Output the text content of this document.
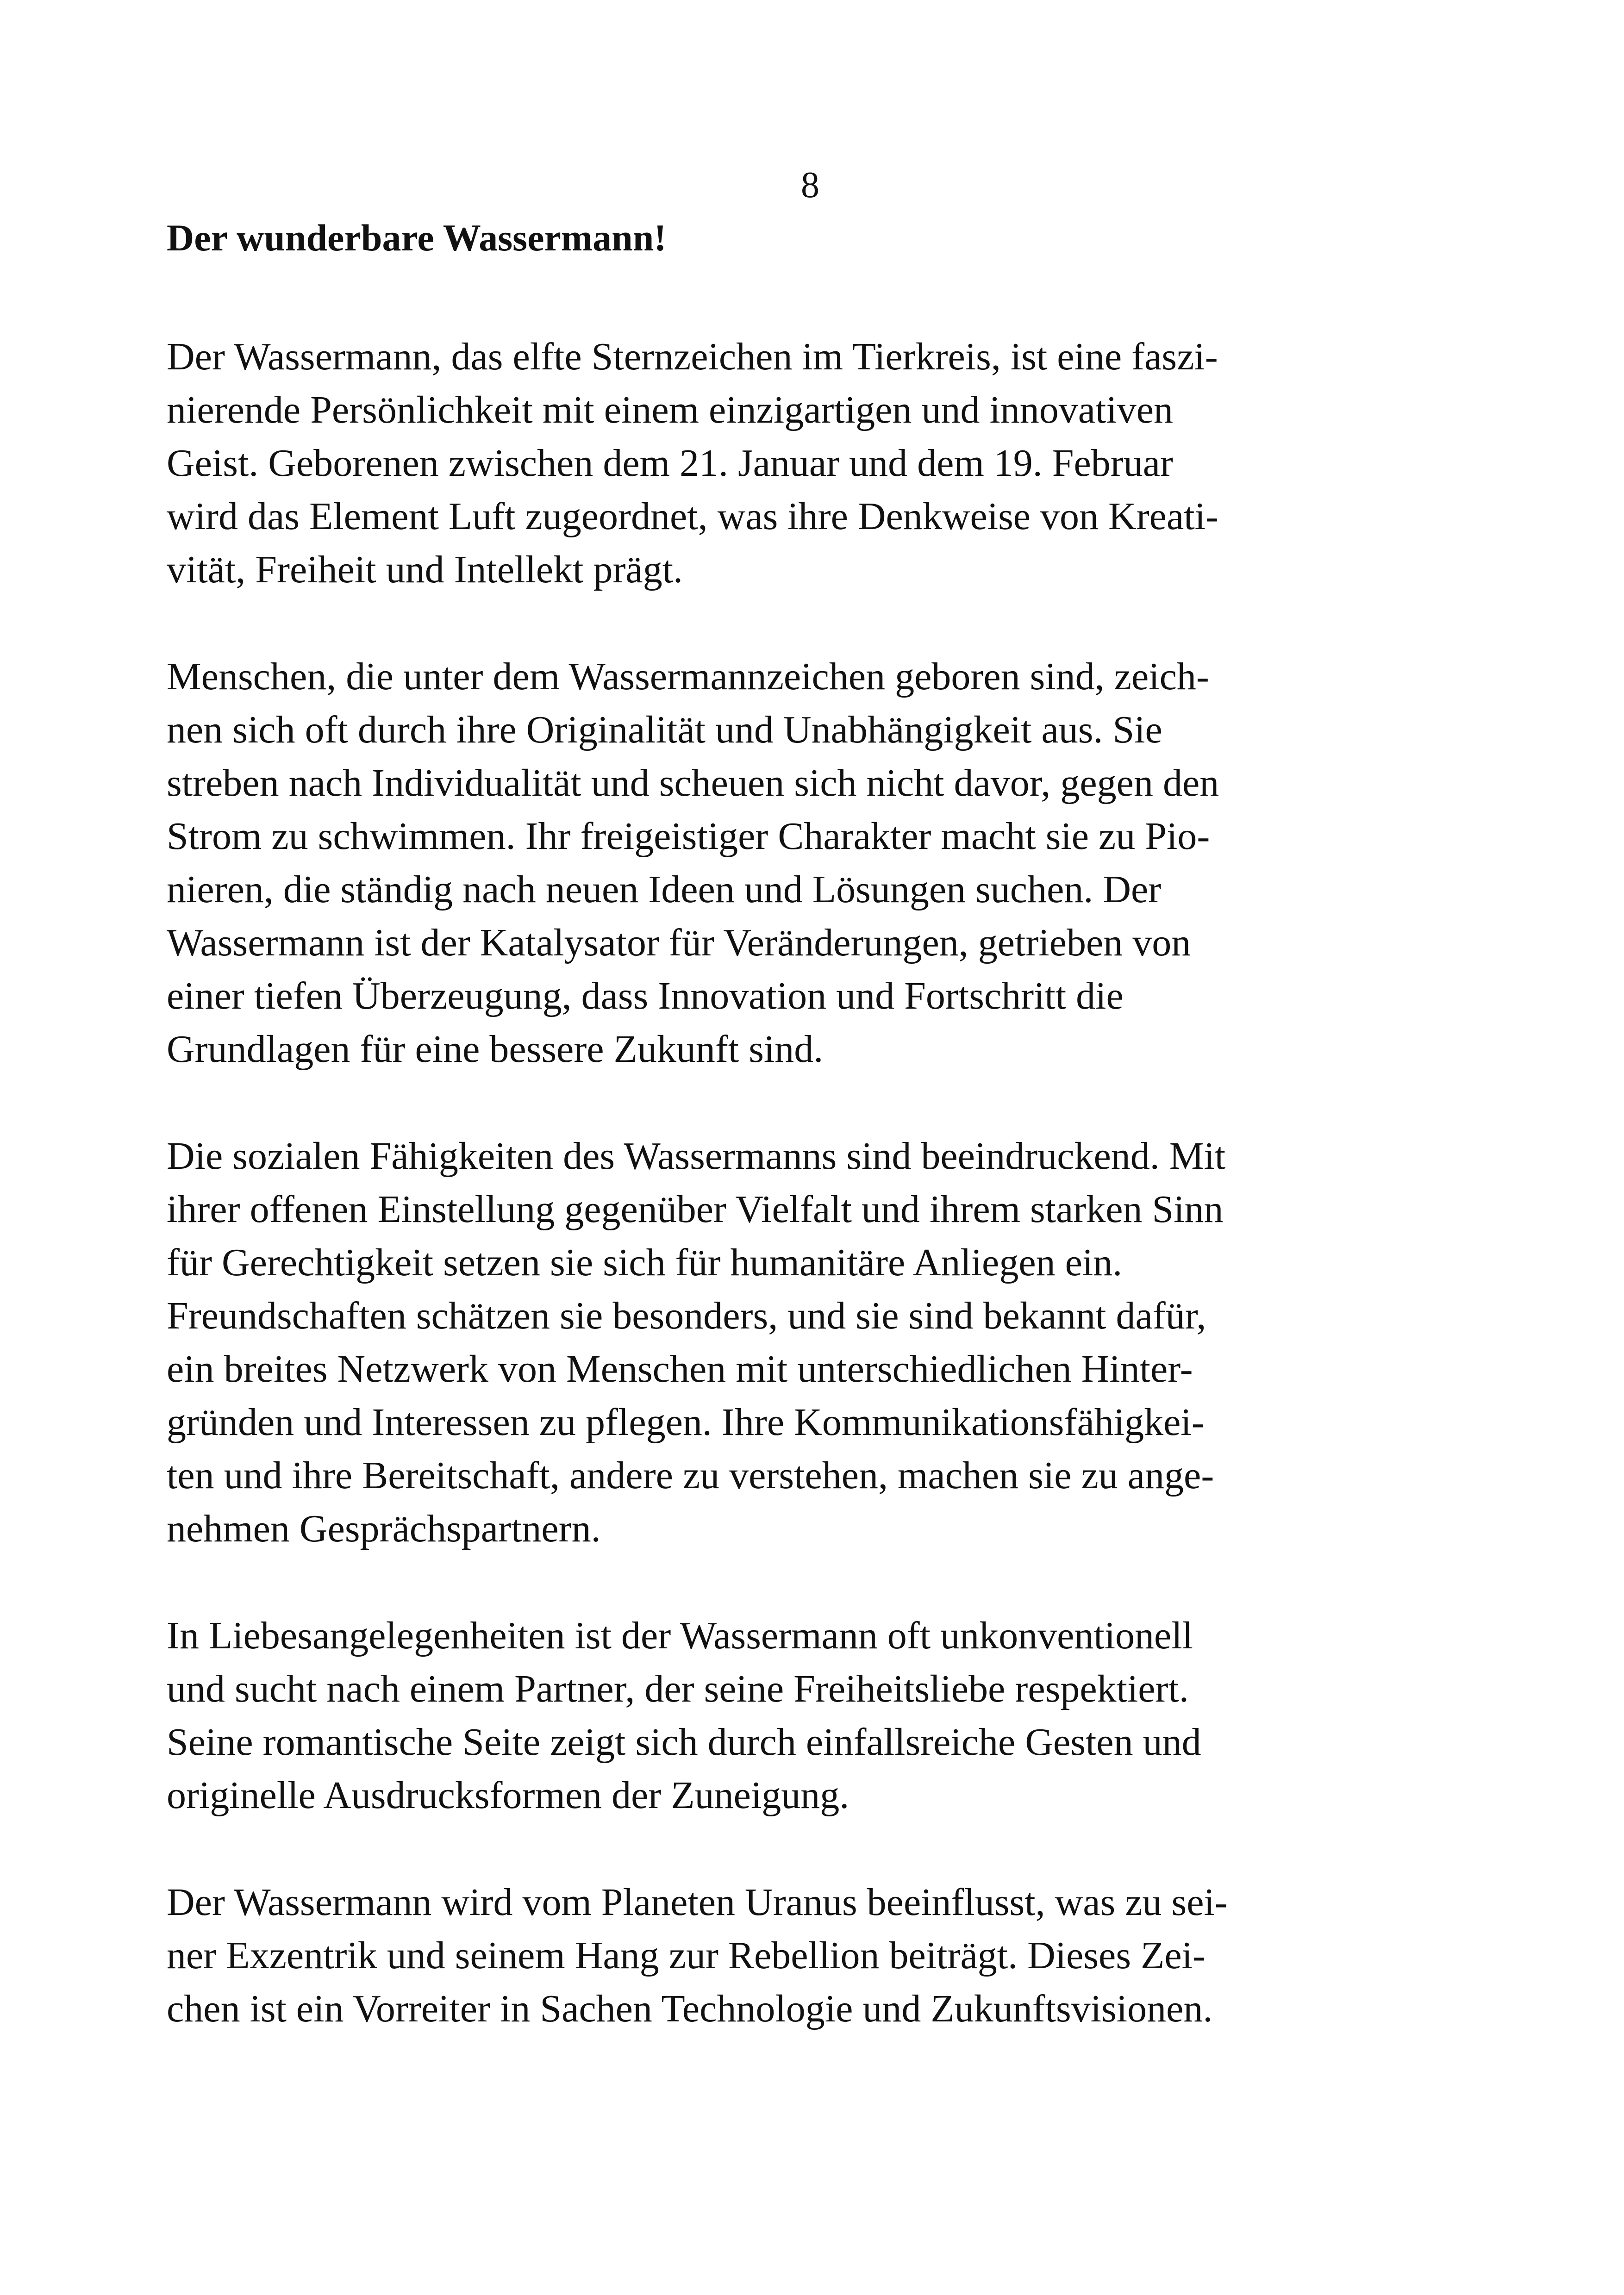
8
Der wunderbare Wassermann!

Der Wassermann, das elfte Sternzeichen im Tierkreis, ist eine faszi-
nierende Persönlichkeit mit einem einzigartigen und innovativen
Geist. Geborenen zwischen dem 21. Januar und dem 19. Februar
wird das Element Luft zugeordnet, was ihre Denkweise von Kreati-
vität, Freiheit und Intellekt prägt.

Menschen, die unter dem Wassermannzeichen geboren sind, zeich-
nen sich oft durch ihre Originalität und Unabhängigkeit aus. Sie
streben nach Individualität und scheuen sich nicht davor, gegen den
Strom zu schwimmen. Ihr freigeistiger Charakter macht sie zu Pio-
nieren, die ständig nach neuen Ideen und Lösungen suchen. Der
Wassermann ist der Katalysator für Veränderungen, getrieben von
einer tiefen Überzeugung, dass Innovation und Fortschritt die
Grundlagen für eine bessere Zukunft sind.

Die sozialen Fähigkeiten des Wassermanns sind beeindruckend. Mit
ihrer offenen Einstellung gegenüber Vielfalt und ihrem starken Sinn
für Gerechtigkeit setzen sie sich für humanitäre Anliegen ein.
Freundschaften schätzen sie besonders, und sie sind bekannt dafür,
ein breites Netzwerk von Menschen mit unterschiedlichen Hinter-
gründen und Interessen zu pflegen. Ihre Kommunikationsfähigkei-
ten und ihre Bereitschaft, andere zu verstehen, machen sie zu ange-
nehmen Gesprächspartnern.

In Liebesangelegenheiten ist der Wassermann oft unkonventionell
und sucht nach einem Partner, der seine Freiheitsliebe respektiert.
Seine romantische Seite zeigt sich durch einfallsreiche Gesten und
originelle Ausdrucksformen der Zuneigung.

Der Wassermann wird vom Planeten Uranus beeinflusst, was zu sei-
ner Exzentrik und seinem Hang zur Rebellion beiträgt. Dieses Zei-
chen ist ein Vorreiter in Sachen Technologie und Zukunftsvisionen.
